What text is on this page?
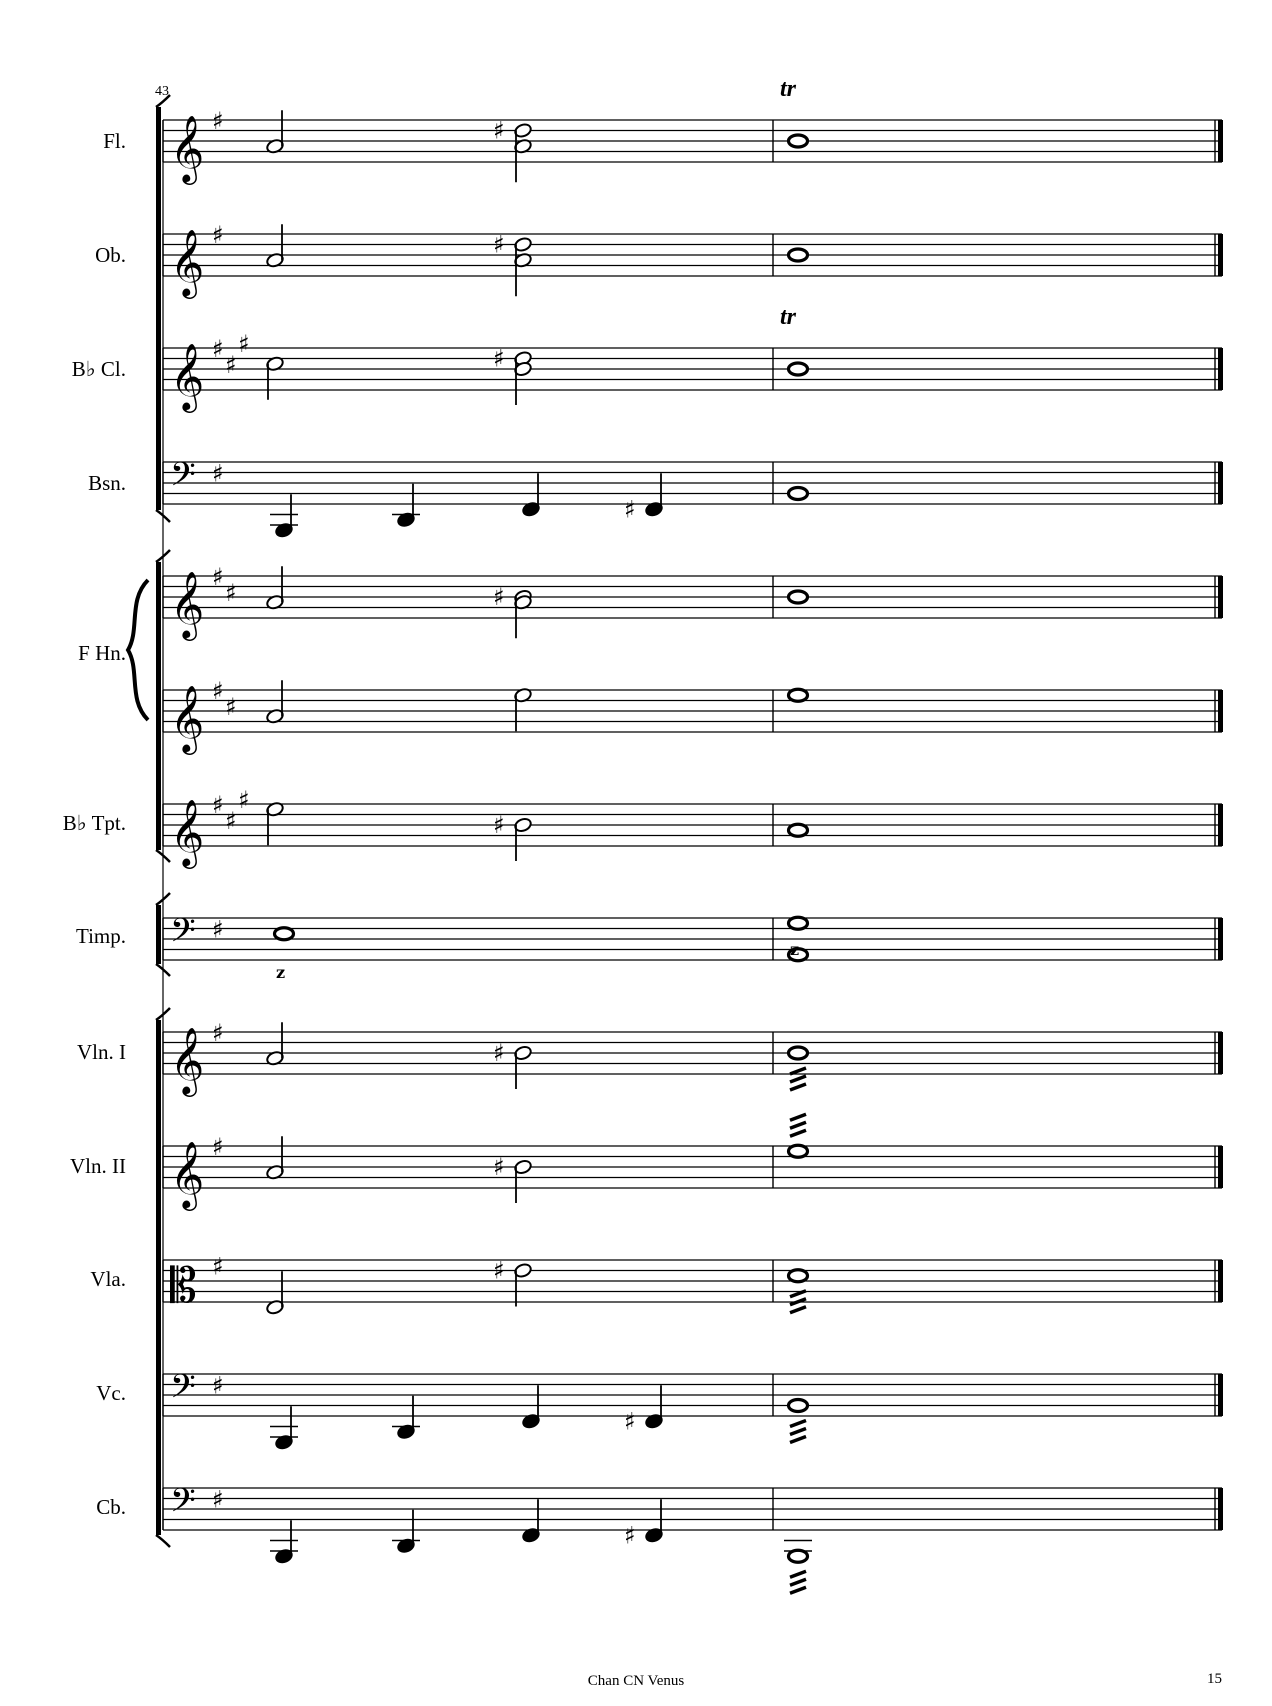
𝄞 ♯	♯
𝄞 ♯	♯
𝄞 ♯
♯
♯
♯
𝄢 ♯
♯
𝄞 ♯
♯	♯
𝄞 ♯
♯
𝄞 ♯
♯
♯
♯
𝄢 ♯
𝄞 ♯
♯
𝄞 ♯
♯
𝄡 ♯	♯
𝄢 ♯
♯
𝄢 ♯
♯
z
z
43
Fl.
Ob.
B♭ Cl.
Bsn.
F Hn.
B♭ Tpt.
Timp.
Vln. I
Vln. II
Vla.
Vc.
Cb.
tr
tr
Chan CN Venus	15
